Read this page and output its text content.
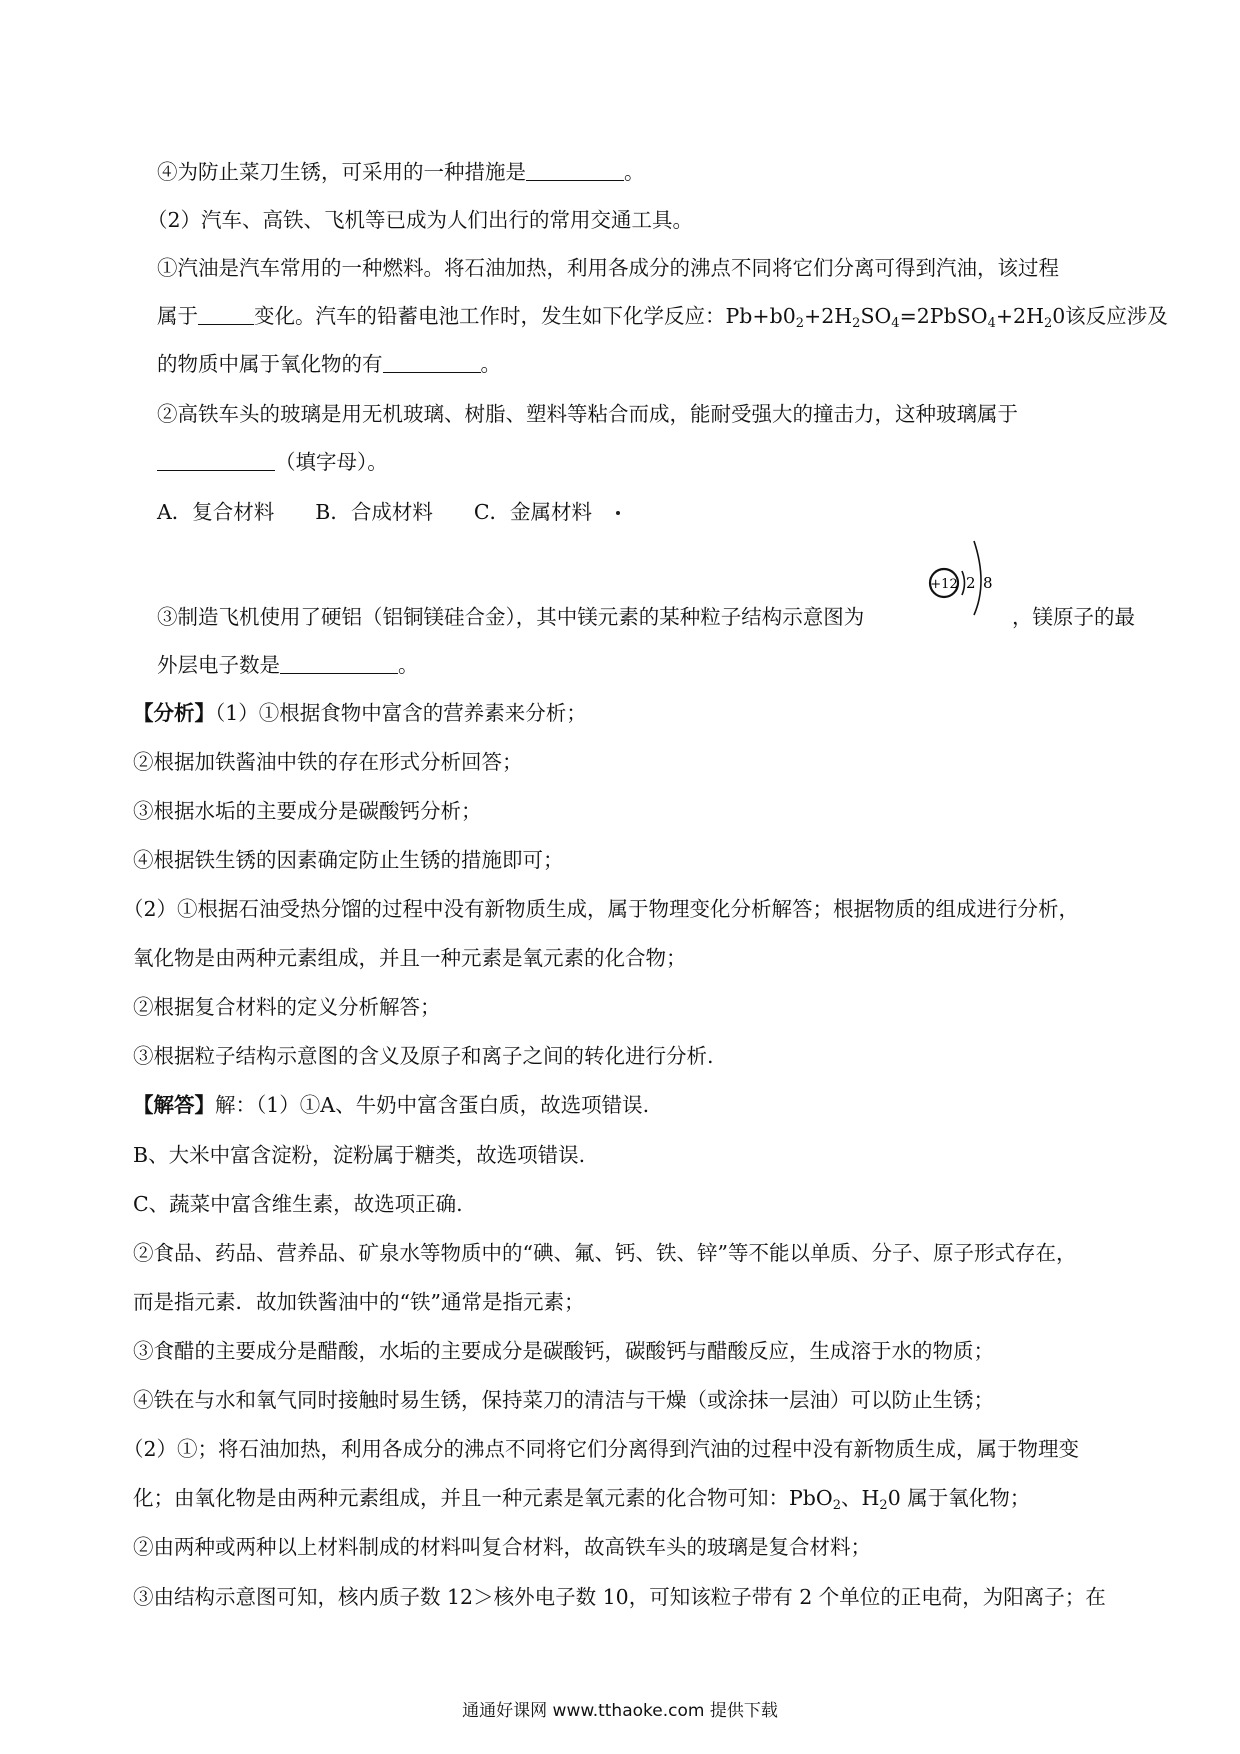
④为防止菜刀生锈，可采用的一种措施是	。
（2）汽车、高铁、飞机等已成为人们出行的常用交通工具。
①汽油是汽车常用的一种燃料。将石油加热，利用各成分的沸点不同将它们分离可得到汽油，该过程
属于	变化。汽车的铅蓄电池工作时，发生如下化学反应：$Pb+b0_2+2H_2SO_4=2PbSO_4+2H_20$该反应涉及
的物质中属于氧化物的有	。
②高铁车头的玻璃是用无机玻璃、树脂、塑料等粘合而成，能耐受强大的撞击力，这种玻璃属于
（填字母）。
A．复合材料　　B．合成材料　　C．金属材料
③制造飞机使用了硬铝（铝铜镁硅合金），其中镁元素的某种粒子结构示意图为	，镁原子的最
+12 2 8
外层电子数是	。
【分析】（1）①根据食物中富含的营养素来分析；
②根据加铁酱油中铁的存在形式分析回答；
③根据水垢的主要成分是碳酸钙分析；
④根据铁生锈的因素确定防止生锈的措施即可；
（2）①根据石油受热分馏的过程中没有新物质生成，属于物理变化分析解答；根据物质的组成进行分析，
氧化物是由两种元素组成，并且一种元素是氧元素的化合物；
②根据复合材料的定义分析解答；
③根据粒子结构示意图的含义及原子和离子之间的转化进行分析.
【解答】解：（1）①A、牛奶中富含蛋白质，故选项错误.
B、大米中富含淀粉，淀粉属于糖类，故选项错误.
C、蔬菜中富含维生素，故选项正确.
②食品、药品、营养品、矿泉水等物质中的“碘、氟、钙、铁、锌”等不能以单质、分子、原子形式存在，
而是指元素．故加铁酱油中的“铁”通常是指元素；
③食醋的主要成分是醋酸，水垢的主要成分是碳酸钙，碳酸钙与醋酸反应，生成溶于水的物质；
④铁在与水和氧气同时接触时易生锈，保持菜刀的清洁与干燥（或涂抹一层油）可以防止生锈；
（2）①；将石油加热，利用各成分的沸点不同将它们分离得到汽油的过程中没有新物质生成，属于物理变
化；由氧化物是由两种元素组成，并且一种元素是氧元素的化合物可知：PbO$_2$、$H_20$ 属于氧化物；
②由两种或两种以上材料制成的材料叫复合材料，故高铁车头的玻璃是复合材料；
③由结构示意图可知，核内质子数 12＞核外电子数 10，可知该粒子带有 2 个单位的正电荷，为阳离子；在
通通好课网 www.tthaoke.com 提供下载
